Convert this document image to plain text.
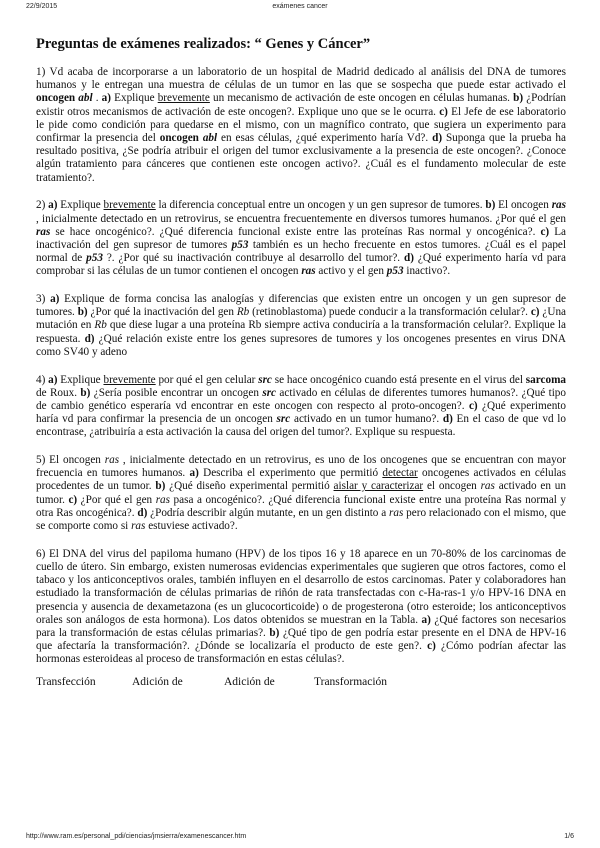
22/9/2015	exámenes cancer
Preguntas de exámenes realizados: “ Genes y Cáncer”

1) Vd acaba de incorporarse a un laboratorio de un hospital de Madrid dedicado al análisis del DNA de tumores humanos y le entregan una muestra de células de un tumor en las que se sospecha que puede estar activado el oncogen abl . a) Explique brevemente un mecanismo de activación de este oncogen en células humanas. b) ¿Podrían existir otros mecanismos de activación de este oncogen?. Explique uno que se le ocurra. c) El Jefe de ese laboratorio le pide como condición para quedarse en el mismo, con un magnífico contrato, que sugiera un experimento para confirmar la presencia del oncogen abl en esas células, ¿qué experimento haría Vd?. d) Suponga que la prueba ha resultado positiva, ¿Se podría atribuir el origen del tumor exclusivamente a la presencia de este oncogen?. ¿Conoce algún tratamiento para cánceres que contienen este oncogen activo?. ¿Cuál es el fundamento molecular de este tratamiento?.

2) a) Explique brevemente la diferencia conceptual entre un oncogen y un gen supresor de tumores. b) El oncogen ras , inicialmente detectado en un retrovirus, se encuentra frecuentemente en diversos tumores humanos. ¿Por qué el gen ras se hace oncogénico?. ¿Qué diferencia funcional existe entre las proteínas Ras normal y oncogénica?. c) La inactivación del gen supresor de tumores p53 también es un hecho frecuente en estos tumores. ¿Cuál es el papel normal de p53 ?. ¿Por qué su inactivación contribuye al desarrollo del tumor?. d) ¿Qué experimento haría vd para comprobar si las células de un tumor contienen el oncogen ras activo y el gen p53 inactivo?.

3) a) Explique de forma concisa las analogías y diferencias que existen entre un oncogen y un gen supresor de tumores. b) ¿Por qué la inactivación del gen Rb (retinoblastoma) puede conducir a la transformación celular?. c) ¿Una mutación en Rb que diese lugar a una proteína Rb siempre activa conduciría a la transformación celular?. Explique la respuesta. d) ¿Qué relación existe entre los genes supresores de tumores y los oncogenes presentes en virus DNA como SV40 y adeno

4) a) Explique brevemente por qué el gen celular src se hace oncogénico cuando está presente en el virus del sarcoma de Roux. b) ¿Sería posible encontrar un oncogen src activado en células de diferentes tumores humanos?. ¿Qué tipo de cambio genético esperaría vd encontrar en este oncogen con respecto al proto-oncogen?. c) ¿Qué experimento haría vd para confirmar la presencia de un oncogen src activado en un tumor humano?. d) En el caso de que vd lo encontrase, ¿atribuiría a esta activación la causa del origen del tumor?. Explique su respuesta.

5) El oncogen ras , inicialmente detectado en un retrovirus, es uno de los oncogenes que se encuentran con mayor frecuencia en tumores humanos. a) Describa el experimento que permitió detectar oncogenes activados en células procedentes de un tumor. b) ¿Qué diseño experimental permitió aislar y caracterizar el oncogen ras activado en un tumor. c) ¿Por qué el gen ras pasa a oncogénico?. ¿Qué diferencia funcional existe entre una proteína Ras normal y otra Ras oncogénica?. d) ¿Podría describir algún mutante, en un gen distinto a ras pero relacionado con el mismo, que se comporte como si ras estuviese activado?.

6) El DNA del virus del papiloma humano (HPV) de los tipos 16 y 18 aparece en un 70-80% de los carcinomas de cuello de útero. Sin embargo, existen numerosas evidencias experimentales que sugieren que otros factores, como el tabaco y los anticonceptivos orales, también influyen en el desarrollo de estos carcinomas. Pater y colaboradores han estudiado la transformación de células primarias de riñón de rata transfectadas con c-Ha-ras-1 y/o HPV-16 DNA en presencia y ausencia de dexametazona (es un glucocorticoide) o de progesterona (otro esteroide; los anticonceptivos orales son análogos de esta hormona). Los datos obtenidos se muestran en la Tabla. a) ¿Qué factores son necesarios para la transformación de estas células primarias?. b) ¿Qué tipo de gen podría estar presente en el DNA de HPV-16 que afectaría la transformación?. ¿Dónde se localizaría el producto de este gen?. c) ¿Cómo podrían afectar las hormonas esteroideas al proceso de transformación en estas células?.

Transfección	Adición de	Adición de	Transformación
http://www.ram.es/personal_pdi/ciencias/jmsierra/examenescancer.htm	1/6
